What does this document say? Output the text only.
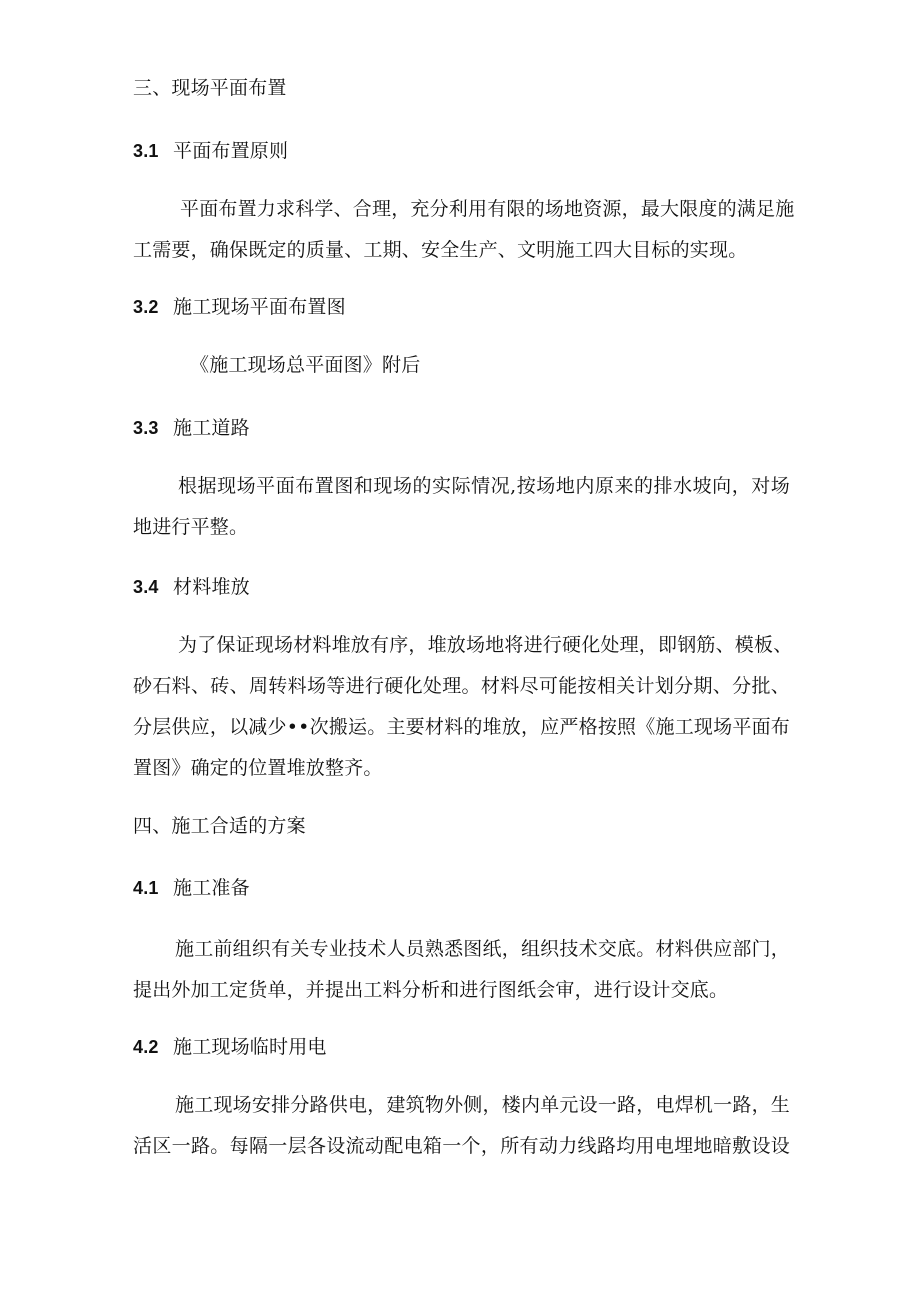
三、现场平面布置
3.1 平面布置原则
平面布置力求科学、合理，充分利用有限的场地资源，最大限度的满足施
工需要，确保既定的质量、工期、安全生产、文明施工四大目标的实现。
3.2 施工现场平面布置图
《施工现场总平面图》附后
3.3 施工道路
根据现场平面布置图和现场的实际情况,按场地内原来的排水坡向，对场
地进行平整。
3.4 材料堆放
为了保证现场材料堆放有序，堆放场地将进行硬化处理，即钢筋、模板、
砂石料、砖、周转料场等进行硬化处理。材料尽可能按相关计划分期、分批、
分层供应，以减少••次搬运。主要材料的堆放，应严格按照《施工现场平面布
置图》确定的位置堆放整齐。
四、施工合适的方案
4.1 施工准备
施工前组织有关专业技术人员熟悉图纸，组织技术交底。材料供应部门，
提出外加工定货单，并提出工料分析和进行图纸会审，进行设计交底。
4.2 施工现场临时用电
施工现场安排分路供电，建筑物外侧，楼内单元设一路，电焊机一路，生
活区一路。每隔一层各设流动配电箱一个，所有动力线路均用电埋地暗敷设设
